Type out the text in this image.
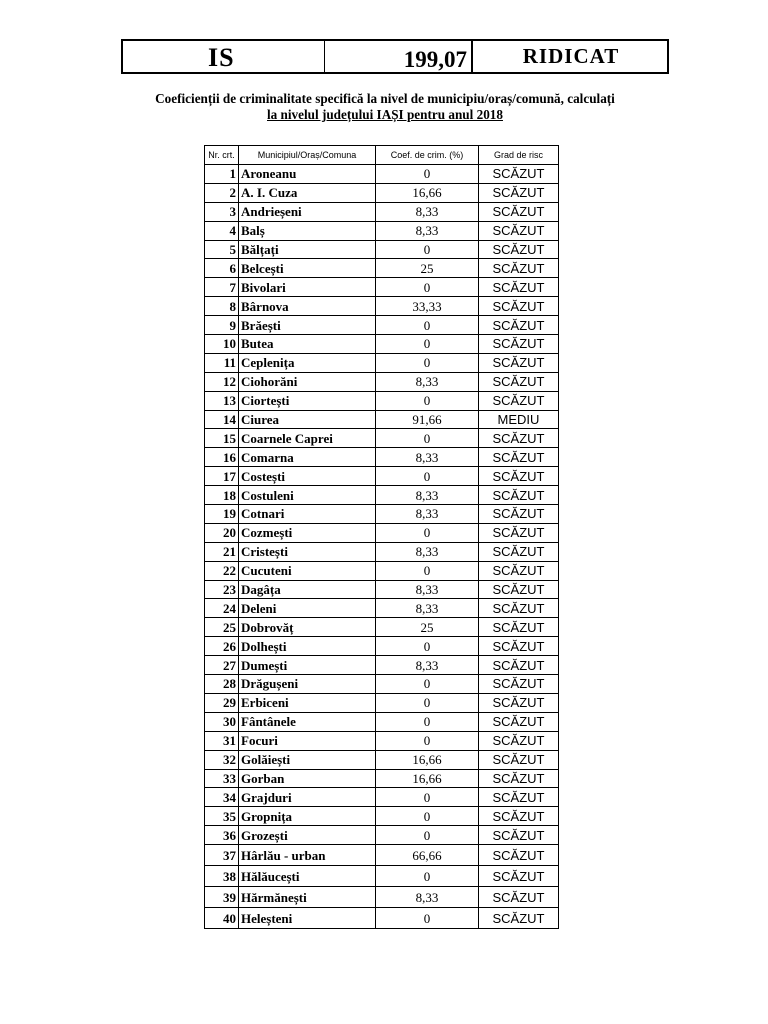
IS	199,07	RIDICAT
Coeficienții de criminalitate specifică la nivel de municipiu/oraș/comună, calculați
la nivelul județului IAȘI pentru anul 2018
Nr. crt.	Municipiul/Oraș/Comuna	Coef. de crim. (%)	Grad de risc
1	Aroneanu	0	SCĂZUT
2	A. I. Cuza	16,66	SCĂZUT
3	Andrieșeni	8,33	SCĂZUT
4	Balș	8,33	SCĂZUT
5	Bălțați	0	SCĂZUT
6	Belcești	25	SCĂZUT
7	Bivolari	0	SCĂZUT
8	Bârnova	33,33	SCĂZUT
9	Brăești	0	SCĂZUT
10	Butea	0	SCĂZUT
11	Ceplenița	0	SCĂZUT
12	Ciohorăni	8,33	SCĂZUT
13	Ciortești	0	SCĂZUT
14	Ciurea	91,66	MEDIU
15	Coarnele Caprei	0	SCĂZUT
16	Comarna	8,33	SCĂZUT
17	Costești	0	SCĂZUT
18	Costuleni	8,33	SCĂZUT
19	Cotnari	8,33	SCĂZUT
20	Cozmești	0	SCĂZUT
21	Cristești	8,33	SCĂZUT
22	Cucuteni	0	SCĂZUT
23	Dagâța	8,33	SCĂZUT
24	Deleni	8,33	SCĂZUT
25	Dobrovăț	25	SCĂZUT
26	Dolhești	0	SCĂZUT
27	Dumești	8,33	SCĂZUT
28	Drăgușeni	0	SCĂZUT
29	Erbiceni	0	SCĂZUT
30	Fântânele	0	SCĂZUT
31	Focuri	0	SCĂZUT
32	Golăiești	16,66	SCĂZUT
33	Gorban	16,66	SCĂZUT
34	Grajduri	0	SCĂZUT
35	Gropnița	0	SCĂZUT
36	Grozești	0	SCĂZUT
37	Hârlău - urban	66,66	SCĂZUT
38	Hălăucești	0	SCĂZUT
39	Hărmănești	8,33	SCĂZUT
40	Heleșteni	0	SCĂZUT
